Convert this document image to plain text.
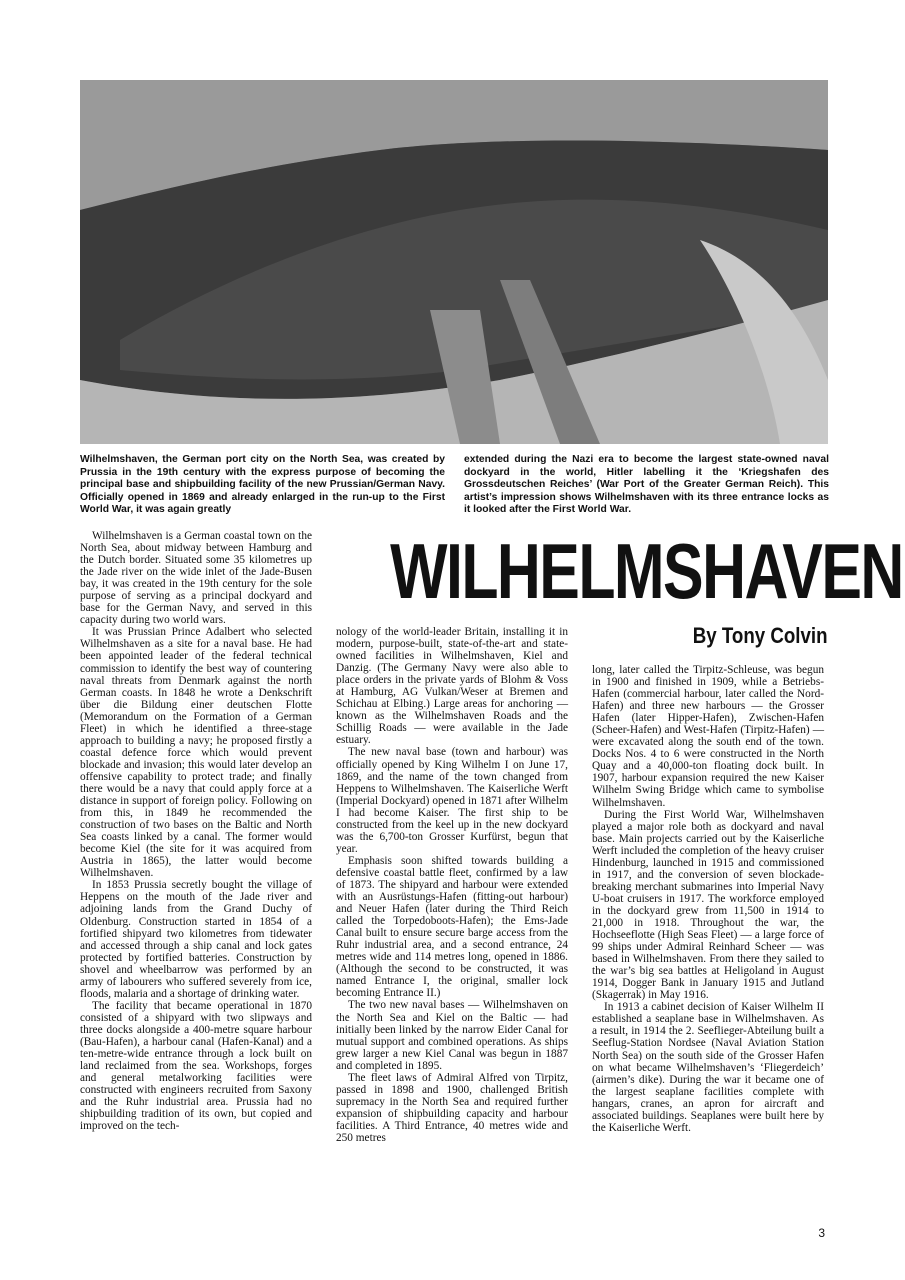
Wilhelmshaven, the German port city on the North Sea, was created by Prussia in the 19th century with the express purpose of becoming the principal base and shipbuilding facility of the new Prussian/German Navy. Officially opened in 1869 and already enlarged in the run-up to the First World War, it was again greatly

extended during the Nazi era to become the largest state-owned naval dockyard in the world, Hitler labelling it the ‘Kriegshafen des Grossdeutschen Reiches’ (War Port of the Greater German Reich). This artist’s impression shows Wilhelmshaven with its three entrance locks as it looked after the First World War.

WILHELMSHAVEN
By Tony Colvin

Wilhelmshaven is a German coastal town on the North Sea, about midway between Hamburg and the Dutch border. Situated some 35 kilometres up the Jade river on the wide inlet of the Jade-Busen bay, it was created in the 19th century for the sole purpose of serving as a principal dockyard and base for the German Navy, and served in this capacity during two world wars.

It was Prussian Prince Adalbert who selected Wilhelmshaven as a site for a naval base. He had been appointed leader of the federal technical commission to identify the best way of countering naval threats from Denmark against the north German coasts. In 1848 he wrote a Denkschrift über die Bildung einer deutschen Flotte (Memorandum on the Formation of a German Fleet) in which he identified a three-stage approach to building a navy; he proposed firstly a coastal defence force which would prevent blockade and invasion; this would later develop an offensive capability to protect trade; and finally there would be a navy that could apply force at a distance in support of foreign policy. Following on from this, in 1849 he recommended the construction of two bases on the Baltic and North Sea coasts linked by a canal. The former would become Kiel (the site for it was acquired from Austria in 1865), the latter would become Wilhelmshaven.

In 1853 Prussia secretly bought the village of Heppens on the mouth of the Jade river and adjoining lands from the Grand Duchy of Oldenburg. Construction started in 1854 of a fortified shipyard two kilometres from tidewater and accessed through a ship canal and lock gates protected by fortified batteries. Construction by shovel and wheelbarrow was performed by an army of labourers who suffered severely from ice, floods, malaria and a shortage of drinking water.

The facility that became operational in 1870 consisted of a shipyard with two slipways and three docks alongside a 400-metre square harbour (Bau-Hafen), a harbour canal (Hafen-Kanal) and a ten-metre-wide entrance through a lock built on land reclaimed from the sea. Workshops, forges and general metalworking facilities were constructed with engineers recruited from Saxony and the Ruhr industrial area. Prussia had no shipbuilding tradition of its own, but copied and improved on the tech-

nology of the world-leader Britain, installing it in modern, purpose-built, state-of-the-art and state-owned facilities in Wilhelmshaven, Kiel and Danzig. (The Germany Navy were also able to place orders in the private yards of Blohm & Voss at Hamburg, AG Vulkan/Weser at Bremen and Schichau at Elbing.) Large areas for anchoring — known as the Wilhelmshaven Roads and the Schillig Roads — were available in the Jade estuary.

The new naval base (town and harbour) was officially opened by King Wilhelm I on June 17, 1869, and the name of the town changed from Heppens to Wilhelmshaven. The Kaiserliche Werft (Imperial Dockyard) opened in 1871 after Wilhelm I had become Kaiser. The first ship to be constructed from the keel up in the new dockyard was the 6,700-ton Grosser Kurfürst, begun that year.

Emphasis soon shifted towards building a defensive coastal battle fleet, confirmed by a law of 1873. The shipyard and harbour were extended with an Ausrüstungs-Hafen (fitting-out harbour) and Neuer Hafen (later during the Third Reich called the Torpedoboots-Hafen); the Ems-Jade Canal built to ensure secure barge access from the Ruhr industrial area, and a second entrance, 24 metres wide and 114 metres long, opened in 1886. (Although the second to be constructed, it was named Entrance I, the original, smaller lock becoming Entrance II.)

The two new naval bases — Wilhelmshaven on the North Sea and Kiel on the Baltic — had initially been linked by the narrow Eider Canal for mutual support and combined operations. As ships grew larger a new Kiel Canal was begun in 1887 and completed in 1895.

The fleet laws of Admiral Alfred von Tirpitz, passed in 1898 and 1900, challenged British supremacy in the North Sea and required further expansion of shipbuilding capacity and harbour facilities. A Third Entrance, 40 metres wide and 250 metres

long, later called the Tirpitz-Schleuse, was begun in 1900 and finished in 1909, while a Betriebs-Hafen (commercial harbour, later called the Nord-Hafen) and three new harbours — the Grosser Hafen (later Hipper-Hafen), Zwischen-Hafen (Scheer-Hafen) and West-Hafen (Tirpitz-Hafen) — were excavated along the south end of the town. Docks Nos. 4 to 6 were constructed in the North Quay and a 40,000-ton floating dock built. In 1907, harbour expansion required the new Kaiser Wilhelm Swing Bridge which came to symbolise Wilhelmshaven.

During the First World War, Wilhelmshaven played a major role both as dockyard and naval base. Main projects carried out by the Kaiserliche Werft included the completion of the heavy cruiser Hindenburg, launched in 1915 and commissioned in 1917, and the conversion of seven blockade-breaking merchant submarines into Imperial Navy U-boat cruisers in 1917. The workforce employed in the dockyard grew from 11,500 in 1914 to 21,000 in 1918. Throughout the war, the Hochseeflotte (High Seas Fleet) — a large force of 99 ships under Admiral Reinhard Scheer — was based in Wilhelmshaven. From there they sailed to the war’s big sea battles at Heligoland in August 1914, Dogger Bank in January 1915 and Jutland (Skagerrak) in May 1916.

In 1913 a cabinet decision of Kaiser Wilhelm II established a seaplane base in Wilhelmshaven. As a result, in 1914 the 2. Seeflieger-Abteilung built a Seeflug-Station Nordsee (Naval Aviation Station North Sea) on the south side of the Grosser Hafen on what became Wilhelmshaven’s ‘Fliegerdeich’ (airmen’s dike). During the war it became one of the largest seaplane facilities complete with hangars, cranes, an apron for aircraft and associated buildings. Seaplanes were built here by the Kaiserliche Werft.

3
